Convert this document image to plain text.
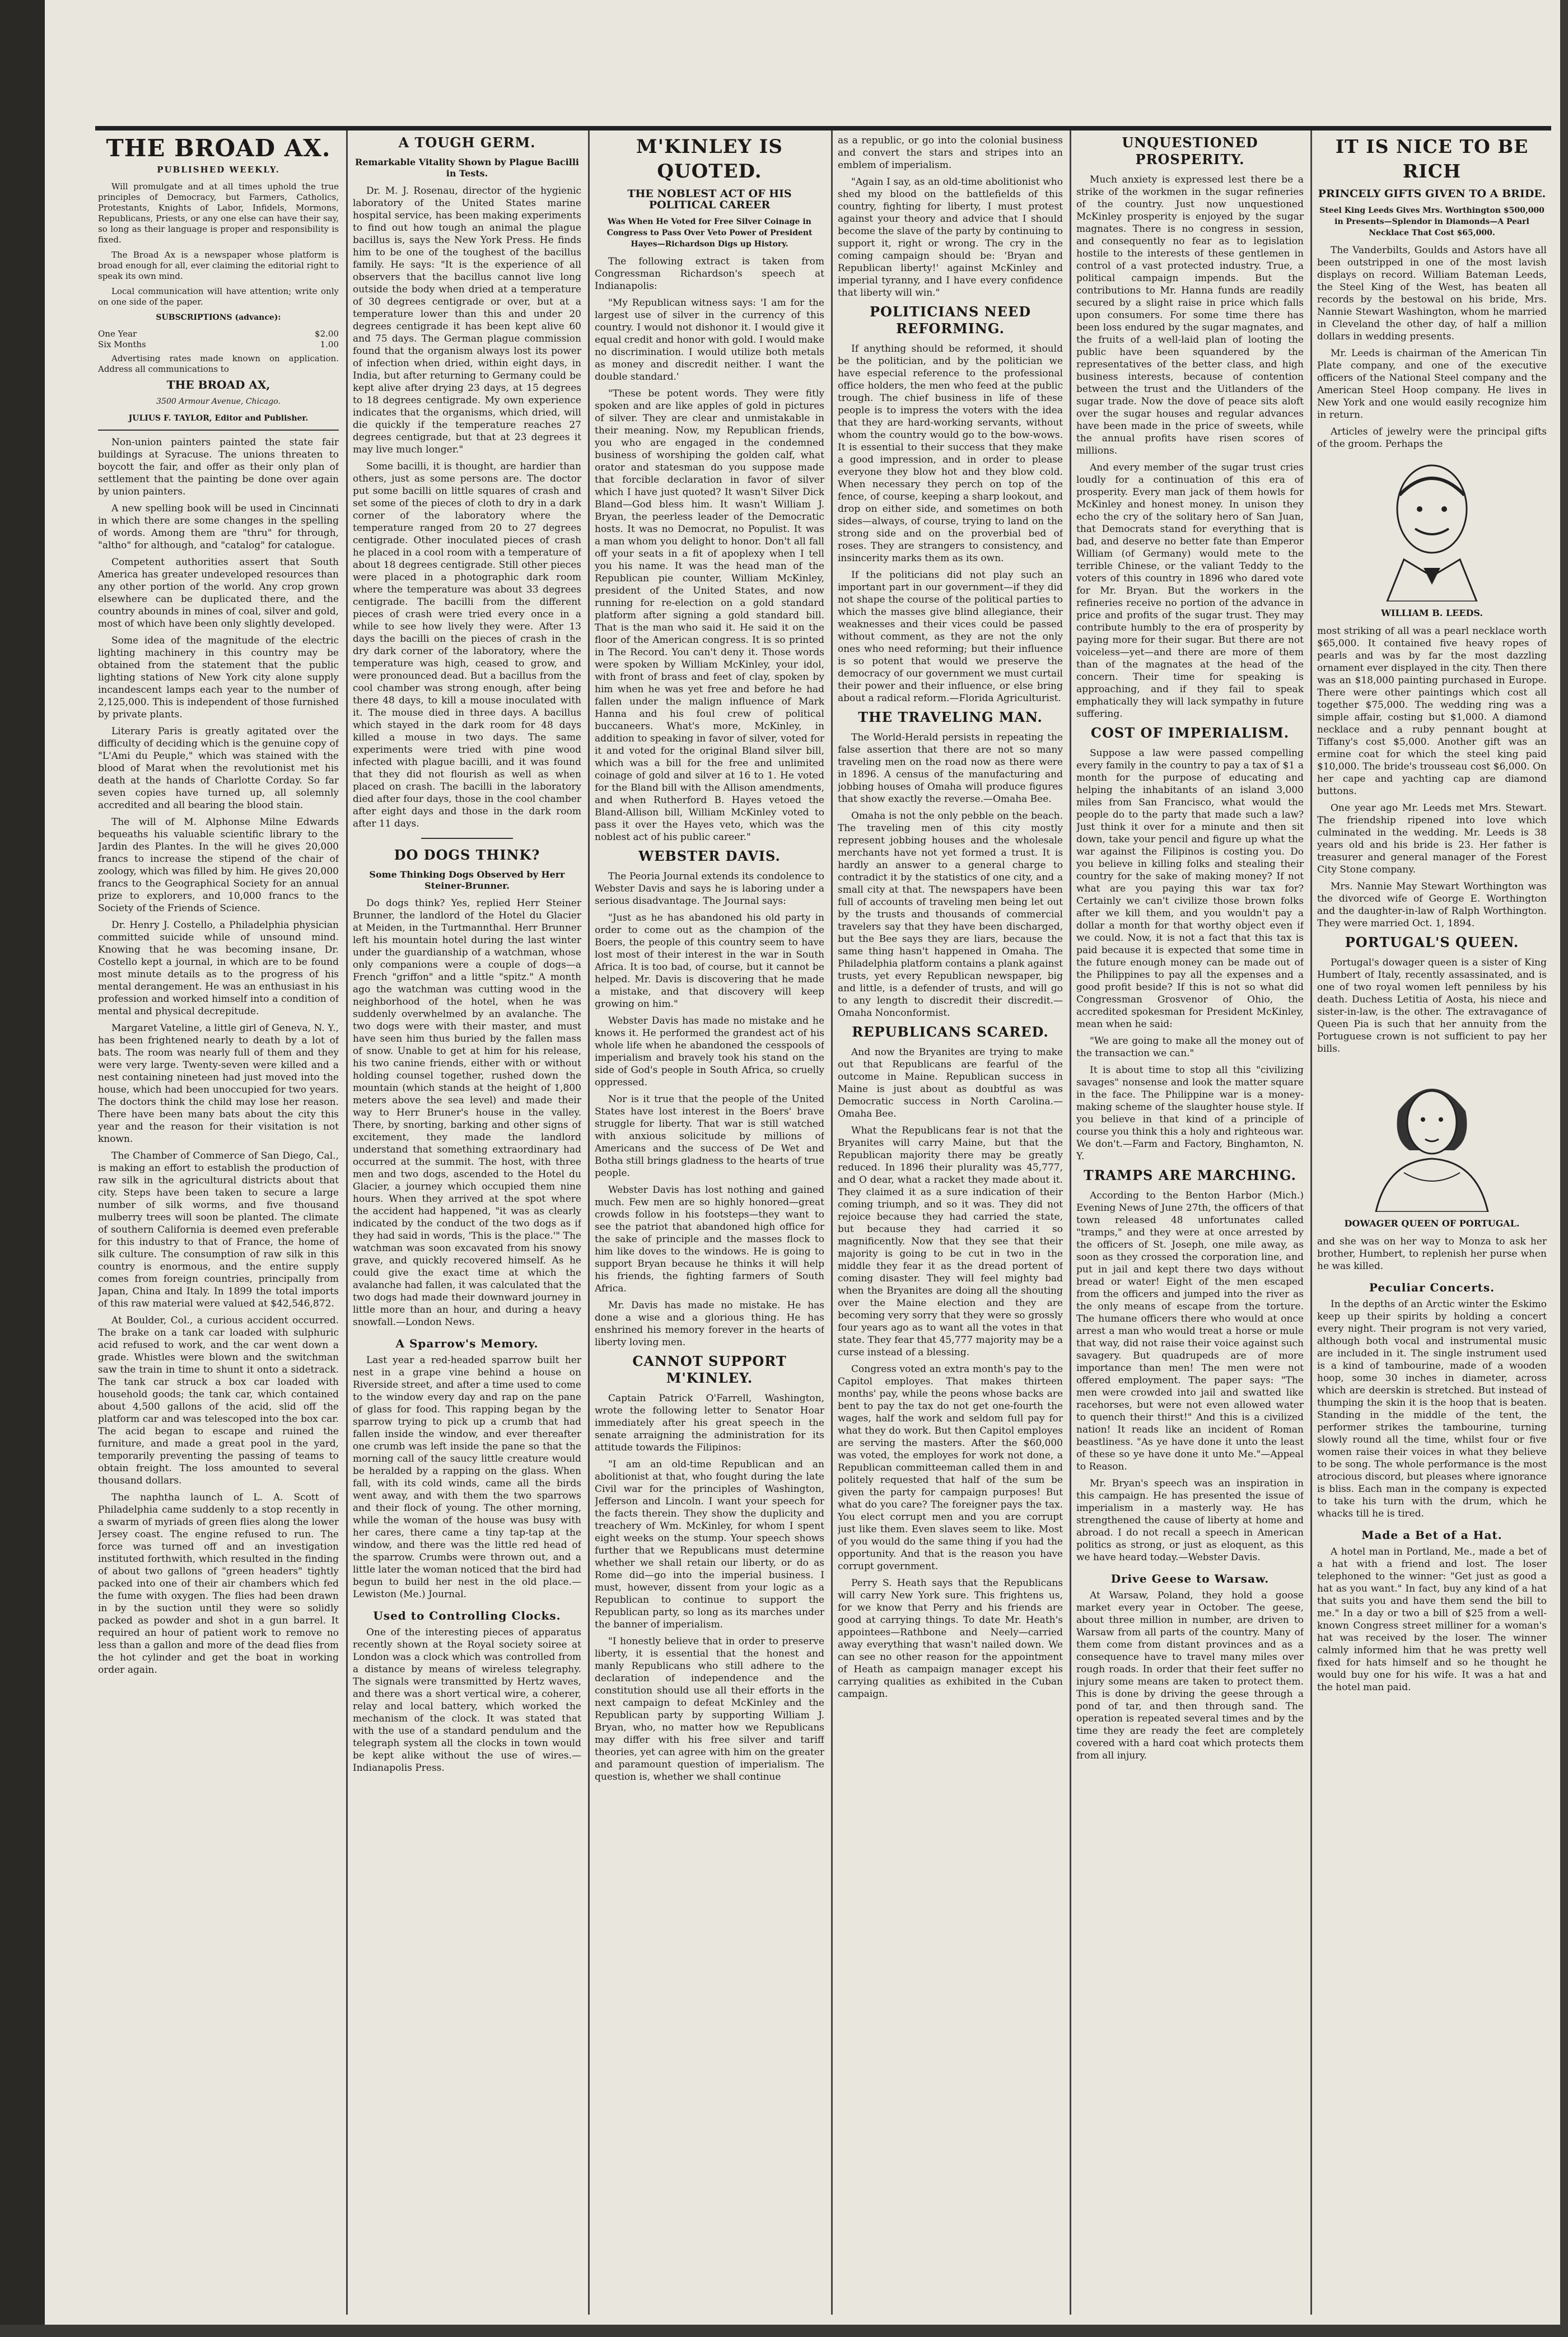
THE BROAD AX.
PUBLISHED WEEKLY.

Will promulgate and at all times uphold the true principles of Democracy, but Farmers, Catholics, Protestants, Knights of Labor, Infidels, Mormons, Republicans, Priests, or any one else can have their say, so long as their language is proper and responsibility is fixed.

The Broad Ax is a newspaper whose platform is broad enough for all, ever claiming the editorial right to speak its own mind.

Local communication will have attention; write only on one side of the paper.

SUBSCRIPTIONS (advance):
One Year	$2.00
Six Months	1.00

Advertising rates made known on application. Address all communications to

THE BROAD AX,
3500 Armour Avenue, Chicago.
JULIUS F. TAYLOR, Editor and Publisher.

Non-union painters painted the state fair buildings at Syracuse. The unions threaten to boycott the fair, and offer as their only plan of settlement that the painting be done over again by union painters.

A new spelling book will be used in Cincinnati in which there are some changes in the spelling of words. Among them are "thru" for through, "altho" for although, and "catalog" for catalogue.

Competent authorities assert that South America has greater undeveloped resources than any other portion of the world. Any crop grown elsewhere can be duplicated there, and the country abounds in mines of coal, silver and gold, most of which have been only slightly developed.

Some idea of the magnitude of the electric lighting machinery in this country may be obtained from the statement that the public lighting stations of New York city alone supply incandescent lamps each year to the number of 2,125,000. This is independent of those furnished by private plants.

Literary Paris is greatly agitated over the difficulty of deciding which is the genuine copy of "L'Ami du Peuple," which was stained with the blood of Marat when the revolutionist met his death at the hands of Charlotte Corday. So far seven copies have turned up, all solemnly accredited and all bearing the blood stain.

The will of M. Alphonse Milne Edwards bequeaths his valuable scientific library to the Jardin des Plantes. In the will he gives 20,000 francs to increase the stipend of the chair of zoology, which was filled by him. He gives 20,000 francs to the Geographical Society for an annual prize to explorers, and 10,000 francs to the Society of the Friends of Science.

Dr. Henry J. Costello, a Philadelphia physician committed suicide while of unsound mind. Knowing that he was becoming insane, Dr. Costello kept a journal, in which are to be found most minute details as to the progress of his mental derangement. He was an enthusiast in his profession and worked himself into a condition of mental and physical decrepitude.

Margaret Vateline, a little girl of Geneva, N. Y., has been frightened nearly to death by a lot of bats. The room was nearly full of them and they were very large. Twenty-seven were killed and a nest containing nineteen had just moved into the house, which had been unoccupied for two years. The doctors think the child may lose her reason. There have been many bats about the city this year and the reason for their visitation is not known.

The Chamber of Commerce of San Diego, Cal., is making an effort to establish the production of raw silk in the agricultural districts about that city. Steps have been taken to secure a large number of silk worms, and five thousand mulberry trees will soon be planted. The climate of southern California is deemed even preferable for this industry to that of France, the home of silk culture. The consumption of raw silk in this country is enormous, and the entire supply comes from foreign countries, principally from Japan, China and Italy. In 1899 the total imports of this raw material were valued at $42,546,872.

At Boulder, Col., a curious accident occurred. The brake on a tank car loaded with sulphuric acid refused to work, and the car went down a grade. Whistles were blown and the switchman saw the train in time to shunt it onto a sidetrack. The tank car struck a box car loaded with household goods; the tank car, which contained about 4,500 gallons of the acid, slid off the platform car and was telescoped into the box car. The acid began to escape and ruined the furniture, and made a great pool in the yard, temporarily preventing the passing of teams to obtain freight. The loss amounted to several thousand dollars.

The naphtha launch of L. A. Scott of Philadelphia came suddenly to a stop recently in a swarm of myriads of green flies along the lower Jersey coast. The engine refused to run. The force was turned off and an investigation instituted forthwith, which resulted in the finding of about two gallons of "green headers" tightly packed into one of their air chambers which fed the fume with oxygen. The flies had been drawn in by the suction until they were so solidly packed as powder and shot in a gun barrel. It required an hour of patient work to remove no less than a gallon and more of the dead flies from the hot cylinder and get the boat in working order again.

A TOUGH GERM.
Remarkable Vitality Shown by Plague Bacilli in Tests.

Dr. M. J. Rosenau, director of the hygienic laboratory of the United States marine hospital service, has been making experiments to find out how tough an animal the plague bacillus is, says the New York Press. He finds him to be one of the toughest of the bacillus family. He says: "It is the experience of all observers that the bacillus cannot live long outside the body when dried at a temperature of 30 degrees centigrade or over, but at a temperature lower than this and under 20 degrees centigrade it has been kept alive 60 and 75 days. The German plague commission found that the organism always lost its power of infection when dried, within eight days, in India, but after returning to Germany could be kept alive after drying 23 days, at 15 degrees to 18 degrees centigrade. My own experience indicates that the organisms, which dried, will die quickly if the temperature reaches 27 degrees centigrade, but that at 23 degrees it may live much longer."

Some bacilli, it is thought, are hardier than others, just as some persons are. The doctor put some bacilli on little squares of crash and set some of the pieces of cloth to dry in a dark corner of the laboratory where the temperature ranged from 20 to 27 degrees centigrade. Other inoculated pieces of crash he placed in a cool room with a temperature of about 18 degrees centigrade. Still other pieces were placed in a photographic dark room where the temperature was about 33 degrees centigrade. The bacilli from the different pieces of crash were tried every once in a while to see how lively they were. After 13 days the bacilli on the pieces of crash in the dry dark corner of the laboratory, where the temperature was high, ceased to grow, and were pronounced dead. But a bacillus from the cool chamber was strong enough, after being there 48 days, to kill a mouse inoculated with it. The mouse died in three days. A bacillus which stayed in the dark room for 48 days killed a mouse in two days. The same experiments were tried with pine wood infected with plague bacilli, and it was found that they did not flourish as well as when placed on crash. The bacilli in the laboratory died after four days, those in the cool chamber after eight days and those in the dark room after 11 days.

DO DOGS THINK?
Some Thinking Dogs Observed by Herr Steiner-Brunner.

Do dogs think? Yes, replied Herr Steiner Brunner, the landlord of the Hotel du Glacier at Meiden, in the Turtmannthal. Herr Brunner left his mountain hotel during the last winter under the guardianship of a watchman, whose only companions were a couple of dogs—a French "griffon" and a little "spitz." A month ago the watchman was cutting wood in the neighborhood of the hotel, when he was suddenly overwhelmed by an avalanche. The two dogs were with their master, and must have seen him thus buried by the fallen mass of snow. Unable to get at him for his release, his two canine friends, either with or without holding counsel together, rushed down the mountain (which stands at the height of 1,800 meters above the sea level) and made their way to Herr Bruner's house in the valley. There, by snorting, barking and other signs of excitement, they made the landlord understand that something extraordinary had occurred at the summit. The host, with three men and two dogs, ascended to the Hotel du Glacier, a journey which occupied them nine hours. When they arrived at the spot where the accident had happened, "it was as clearly indicated by the conduct of the two dogs as if they had said in words, 'This is the place.'" The watchman was soon excavated from his snowy grave, and quickly recovered himself. As he could give the exact time at which the avalanche had fallen, it was calculated that the two dogs had made their downward journey in little more than an hour, and during a heavy snowfall.—London News.

A Sparrow's Memory.

Last year a red-headed sparrow built her nest in a grape vine behind a house on Riverside street, and after a time used to come to the window every day and rap on the pane of glass for food. This rapping began by the sparrow trying to pick up a crumb that had fallen inside the window, and ever thereafter one crumb was left inside the pane so that the morning call of the saucy little creature would be heralded by a rapping on the glass. When fall, with its cold winds, came all the birds went away, and with them the two sparrows and their flock of young. The other morning, while the woman of the house was busy with her cares, there came a tiny tap-tap at the window, and there was the little red head of the sparrow. Crumbs were thrown out, and a little later the woman noticed that the bird had begun to build her nest in the old place.—Lewiston (Me.) Journal.

Used to Controlling Clocks.

One of the interesting pieces of apparatus recently shown at the Royal society soiree at London was a clock which was controlled from a distance by means of wireless telegraphy. The signals were transmitted by Hertz waves, and there was a short vertical wire, a coherer, relay and local battery, which worked the mechanism of the clock. It was stated that with the use of a standard pendulum and the telegraph system all the clocks in town would be kept alike without the use of wires.—Indianapolis Press.

M'KINLEY IS QUOTED.
THE NOBLEST ACT OF HIS POLITICAL CAREER
Was When He Voted for Free Silver Coinage in Congress to Pass Over Veto Power of President Hayes—Richardson Digs up History.

The following extract is taken from Congressman Richardson's speech at Indianapolis:

"My Republican witness says: 'I am for the largest use of silver in the currency of this country. I would not dishonor it. I would give it equal credit and honor with gold. I would make no discrimination. I would utilize both metals as money and discredit neither. I want the double standard.'

"These be potent words. They were fitly spoken and are like apples of gold in pictures of silver. They are clear and unmistakable in their meaning. Now, my Republican friends, you who are engaged in the condemned business of worshiping the golden calf, what orator and statesman do you suppose made that forcible declaration in favor of silver which I have just quoted? It wasn't Silver Dick Bland—God bless him. It wasn't William J. Bryan, the peerless leader of the Democratic hosts. It was no Democrat, no Populist. It was a man whom you delight to honor. Don't all fall off your seats in a fit of apoplexy when I tell you his name. It was the head man of the Republican pie counter, William McKinley, president of the United States, and now running for re-election on a gold standard platform after signing a gold standard bill. That is the man who said it. He said it on the floor of the American congress. It is so printed in The Record. You can't deny it. Those words were spoken by William McKinley, your idol, with front of brass and feet of clay, spoken by him when he was yet free and before he had fallen under the malign influence of Mark Hanna and his foul crew of political buccaneers. What's more, McKinley, in addition to speaking in favor of silver, voted for it and voted for the original Bland silver bill, which was a bill for the free and unlimited coinage of gold and silver at 16 to 1. He voted for the Bland bill with the Allison amendments, and when Rutherford B. Hayes vetoed the Bland-Allison bill, William McKinley voted to pass it over the Hayes veto, which was the noblest act of his public career."

WEBSTER DAVIS.

The Peoria Journal extends its condolence to Webster Davis and says he is laboring under a serious disadvantage. The Journal says:

"Just as he has abandoned his old party in order to come out as the champion of the Boers, the people of this country seem to have lost most of their interest in the war in South Africa. It is too bad, of course, but it cannot be helped. Mr. Davis is discovering that he made a mistake, and that discovery will keep growing on him."

Webster Davis has made no mistake and he knows it. He performed the grandest act of his whole life when he abandoned the cesspools of imperialism and bravely took his stand on the side of God's people in South Africa, so cruelly oppressed.

Nor is it true that the people of the United States have lost interest in the Boers' brave struggle for liberty. That war is still watched with anxious solicitude by millions of Americans and the success of De Wet and Botha still brings gladness to the hearts of true people.

Webster Davis has lost nothing and gained much. Few men are so highly honored—great crowds follow in his footsteps—they want to see the patriot that abandoned high office for the sake of principle and the masses flock to him like doves to the windows. He is going to support Bryan because he thinks it will help his friends, the fighting farmers of South Africa.

Mr. Davis has made no mistake. He has done a wise and a glorious thing. He has enshrined his memory forever in the hearts of liberty loving men.

CANNOT SUPPORT M'KINLEY.

Captain Patrick O'Farrell, Washington, wrote the following letter to Senator Hoar immediately after his great speech in the senate arraigning the administration for its attitude towards the Filipinos:

"I am an old-time Republican and an abolitionist at that, who fought during the late Civil war for the principles of Washington, Jefferson and Lincoln. I want your speech for the facts therein. They show the duplicity and treachery of Wm. McKinley, for whom I spent eight weeks on the stump. Your speech shows further that we Republicans must determine whether we shall retain our liberty, or do as Rome did—go into the imperial business. I must, however, dissent from your logic as a Republican to continue to support the Republican party, so long as its marches under the banner of imperialism.

"I honestly believe that in order to preserve liberty, it is essential that the honest and manly Republicans who still adhere to the declaration of independence and the constitution should use all their efforts in the next campaign to defeat McKinley and the Republican party by supporting William J. Bryan, who, no matter how we Republicans may differ with his free silver and tariff theories, yet can agree with him on the greater and paramount question of imperialism. The question is, whether we shall continue

as a republic, or go into the colonial business and convert the stars and stripes into an emblem of imperialism.

"Again I say, as an old-time abolitionist who shed my blood on the battlefields of this country, fighting for liberty, I must protest against your theory and advice that I should become the slave of the party by continuing to support it, right or wrong. The cry in the coming campaign should be: 'Bryan and Republican liberty!' against McKinley and imperial tyranny, and I have every confidence that liberty will win."

POLITICIANS NEED REFORMING.

If anything should be reformed, it should be the politician, and by the politician we have especial reference to the professional office holders, the men who feed at the public trough. The chief business in life of these people is to impress the voters with the idea that they are hard-working servants, without whom the country would go to the bow-wows. It is essential to their success that they make a good impression, and in order to please everyone they blow hot and they blow cold. When necessary they perch on top of the fence, of course, keeping a sharp lookout, and drop on either side, and sometimes on both sides—always, of course, trying to land on the strong side and on the proverbial bed of roses. They are strangers to consistency, and insincerity marks them as its own.

If the politicians did not play such an important part in our government—if they did not shape the course of the political parties to which the masses give blind allegiance, their weaknesses and their vices could be passed without comment, as they are not the only ones who need reforming; but their influence is so potent that would we preserve the democracy of our government we must curtail their power and their influence, or else bring about a radical reform.—Florida Agriculturist.

THE TRAVELING MAN.

The World-Herald persists in repeating the false assertion that there are not so many traveling men on the road now as there were in 1896. A census of the manufacturing and jobbing houses of Omaha will produce figures that show exactly the reverse.—Omaha Bee.

Omaha is not the only pebble on the beach. The traveling men of this city mostly represent jobbing houses and the wholesale merchants have not yet formed a trust. It is hardly an answer to a general charge to contradict it by the statistics of one city, and a small city at that. The newspapers have been full of accounts of traveling men being let out by the trusts and thousands of commercial travelers say that they have been discharged, but the Bee says they are liars, because the same thing hasn't happened in Omaha. The Philadelphia platform contains a plank against trusts, yet every Republican newspaper, big and little, is a defender of trusts, and will go to any length to discredit their discredit.—Omaha Nonconformist.

REPUBLICANS SCARED.

And now the Bryanites are trying to make out that Republicans are fearful of the outcome in Maine. Republican success in Maine is just about as doubtful as was Democratic success in North Carolina.—Omaha Bee.

What the Republicans fear is not that the Bryanites will carry Maine, but that the Republican majority there may be greatly reduced. In 1896 their plurality was 45,777, and O dear, what a racket they made about it. They claimed it as a sure indication of their coming triumph, and so it was. They did not rejoice because they had carried the state, but because they had carried it so magnificently. Now that they see that their majority is going to be cut in two in the middle they fear it as the dread portent of coming disaster. They will feel mighty bad when the Bryanites are doing all the shouting over the Maine election and they are becoming very sorry that they were so grossly four years ago as to want all the votes in that state. They fear that 45,777 majority may be a curse instead of a blessing.

Congress voted an extra month's pay to the Capitol employes. That makes thirteen months' pay, while the peons whose backs are bent to pay the tax do not get one-fourth the wages, half the work and seldom full pay for what they do work. But then Capitol employes are serving the masters. After the $60,000 was voted, the employes for work not done, a Republican committeeman called them in and politely requested that half of the sum be given the party for campaign purposes! But what do you care? The foreigner pays the tax. You elect corrupt men and you are corrupt just like them. Even slaves seem to like. Most of you would do the same thing if you had the opportunity. And that is the reason you have corrupt government.

Perry S. Heath says that the Republicans will carry New York sure. This frightens us, for we know that Perry and his friends are good at carrying things. To date Mr. Heath's appointees—Rathbone and Neely—carried away everything that wasn't nailed down. We can see no other reason for the appointment of Heath as campaign manager except his carrying qualities as exhibited in the Cuban campaign.

UNQUESTIONED PROSPERITY.

Much anxiety is expressed lest there be a strike of the workmen in the sugar refineries of the country. Just now unquestioned McKinley prosperity is enjoyed by the sugar magnates. There is no congress in session, and consequently no fear as to legislation hostile to the interests of these gentlemen in control of a vast protected industry. True, a political campaign impends. But the contributions to Mr. Hanna funds are readily secured by a slight raise in price which falls upon consumers. For some time there has been loss endured by the sugar magnates, and the fruits of a well-laid plan of looting the public have been squandered by the representatives of the better class, and high business interests, because of contention between the trust and the Uitlanders of the sugar trade. Now the dove of peace sits aloft over the sugar houses and regular advances have been made in the price of sweets, while the annual profits have risen scores of millions.

And every member of the sugar trust cries loudly for a continuation of this era of prosperity. Every man jack of them howls for McKinley and honest money. In unison they echo the cry of the solitary hero of San Juan, that Democrats stand for everything that is bad, and deserve no better fate than Emperor William (of Germany) would mete to the terrible Chinese, or the valiant Teddy to the voters of this country in 1896 who dared vote for Mr. Bryan. But the workers in the refineries receive no portion of the advance in price and profits of the sugar trust. They may contribute humbly to the era of prosperity by paying more for their sugar. But there are not voiceless—yet—and there are more of them than of the magnates at the head of the concern. Their time for speaking is approaching, and if they fail to speak emphatically they will lack sympathy in future suffering.

COST OF IMPERIALISM.

Suppose a law were passed compelling every family in the country to pay a tax of $1 a month for the purpose of educating and helping the inhabitants of an island 3,000 miles from San Francisco, what would the people do to the party that made such a law? Just think it over for a minute and then sit down, take your pencil and figure up what the war against the Filipinos is costing you. Do you believe in killing folks and stealing their country for the sake of making money? If not what are you paying this war tax for? Certainly we can't civilize those brown folks after we kill them, and you wouldn't pay a dollar a month for that worthy object even if we could. Now, it is not a fact that this tax is paid because it is expected that some time in the future enough money can be made out of the Philippines to pay all the expenses and a good profit beside? If this is not so what did Congressman Grosvenor of Ohio, the accredited spokesman for President McKinley, mean when he said:

"We are going to make all the money out of the transaction we can."

It is about time to stop all this "civilizing savages" nonsense and look the matter square in the face. The Philippine war is a money-making scheme of the slaughter house style. If you believe in that kind of a principle of course you think this a holy and righteous war. We don't.—Farm and Factory, Binghamton, N. Y.

TRAMPS ARE MARCHING.

According to the Benton Harbor (Mich.) Evening News of June 27th, the officers of that town released 48 unfortunates called "tramps," and they were at once arrested by the officers of St. Joseph, one mile away, as soon as they crossed the corporation line, and put in jail and kept there two days without bread or water! Eight of the men escaped from the officers and jumped into the river as the only means of escape from the torture. The humane officers there who would at once arrest a man who would treat a horse or mule that way, did not raise their voice against such savagery. But quadrupeds are of more importance than men! The men were not offered employment. The paper says: "The men were crowded into jail and swatted like racehorses, but were not even allowed water to quench their thirst!" And this is a civilized nation! It reads like an incident of Roman beastliness. "As ye have done it unto the least of these so ye have done it unto Me."—Appeal to Reason.

Mr. Bryan's speech was an inspiration in this campaign. He has presented the issue of imperialism in a masterly way. He has strengthened the cause of liberty at home and abroad. I do not recall a speech in American politics as strong, or just as eloquent, as this we have heard today.—Webster Davis.

Drive Geese to Warsaw.

At Warsaw, Poland, they hold a goose market every year in October. The geese, about three million in number, are driven to Warsaw from all parts of the country. Many of them come from distant provinces and as a consequence have to travel many miles over rough roads. In order that their feet suffer no injury some means are taken to protect them. This is done by driving the geese through a pond of tar, and then through sand. The operation is repeated several times and by the time they are ready the feet are completely covered with a hard coat which protects them from all injury.

IT IS NICE TO BE RICH
PRINCELY GIFTS GIVEN TO A BRIDE.
Steel King Leeds Gives Mrs. Worthington $500,000 in Presents—Splendor in Diamonds—A Pearl Necklace That Cost $65,000.

The Vanderbilts, Goulds and Astors have all been outstripped in one of the most lavish displays on record. William Bateman Leeds, the Steel King of the West, has beaten all records by the bestowal on his bride, Mrs. Nannie Stewart Washington, whom he married in Cleveland the other day, of half a million dollars in wedding presents.

Mr. Leeds is chairman of the American Tin Plate company, and one of the executive officers of the National Steel company and the American Steel Hoop company. He lives in New York and one would easily recognize him in return.

Articles of jewelry were the principal gifts of the groom. Perhaps the

WILLIAM B. LEEDS.

most striking of all was a pearl necklace worth $65,000. It contained five heavy ropes of pearls and was by far the most dazzling ornament ever displayed in the city. Then there was an $18,000 painting purchased in Europe. There were other paintings which cost all together $75,000. The wedding ring was a simple affair, costing but $1,000. A diamond necklace and a ruby pennant bought at Tiffany's cost $5,000. Another gift was an ermine coat for which the steel king paid $10,000. The bride's trousseau cost $6,000. On her cape and yachting cap are diamond buttons.

One year ago Mr. Leeds met Mrs. Stewart. The friendship ripened into love which culminated in the wedding. Mr. Leeds is 38 years old and his bride is 23. Her father is treasurer and general manager of the Forest City Stone company.

Mrs. Nannie May Stewart Worthington was the divorced wife of George E. Worthington and the daughter-in-law of Ralph Worthington. They were married Oct. 1, 1894.

PORTUGAL'S QUEEN.

Portugal's dowager queen is a sister of King Humbert of Italy, recently assassinated, and is one of two royal women left penniless by his death. Duchess Letitia of Aosta, his niece and sister-in-law, is the other. The extravagance of Queen Pia is such that her annuity from the Portuguese crown is not sufficient to pay her bills.

DOWAGER QUEEN OF PORTUGAL.

and she was on her way to Monza to ask her brother, Humbert, to replenish her purse when he was killed.

Peculiar Concerts.

In the depths of an Arctic winter the Eskimo keep up their spirits by holding a concert every night. Their program is not very varied, although both vocal and instrumental music are included in it. The single instrument used is a kind of tambourine, made of a wooden hoop, some 30 inches in diameter, across which are deerskin is stretched. But instead of thumping the skin it is the hoop that is beaten. Standing in the middle of the tent, the performer strikes the tambourine, turning slowly round all the time, whilst four or five women raise their voices in what they believe to be song. The whole performance is the most atrocious discord, but pleases where ignorance is bliss. Each man in the company is expected to take his turn with the drum, which he whacks till he is tired.

Made a Bet of a Hat.

A hotel man in Portland, Me., made a bet of a hat with a friend and lost. The loser telephoned to the winner: "Get just as good a hat as you want." In fact, buy any kind of a hat that suits you and have them send the bill to me." In a day or two a bill of $25 from a well-known Congress street milliner for a woman's hat was received by the loser. The winner calmly informed him that he was pretty well fixed for hats himself and so he thought he would buy one for his wife. It was a hat and the hotel man paid.
